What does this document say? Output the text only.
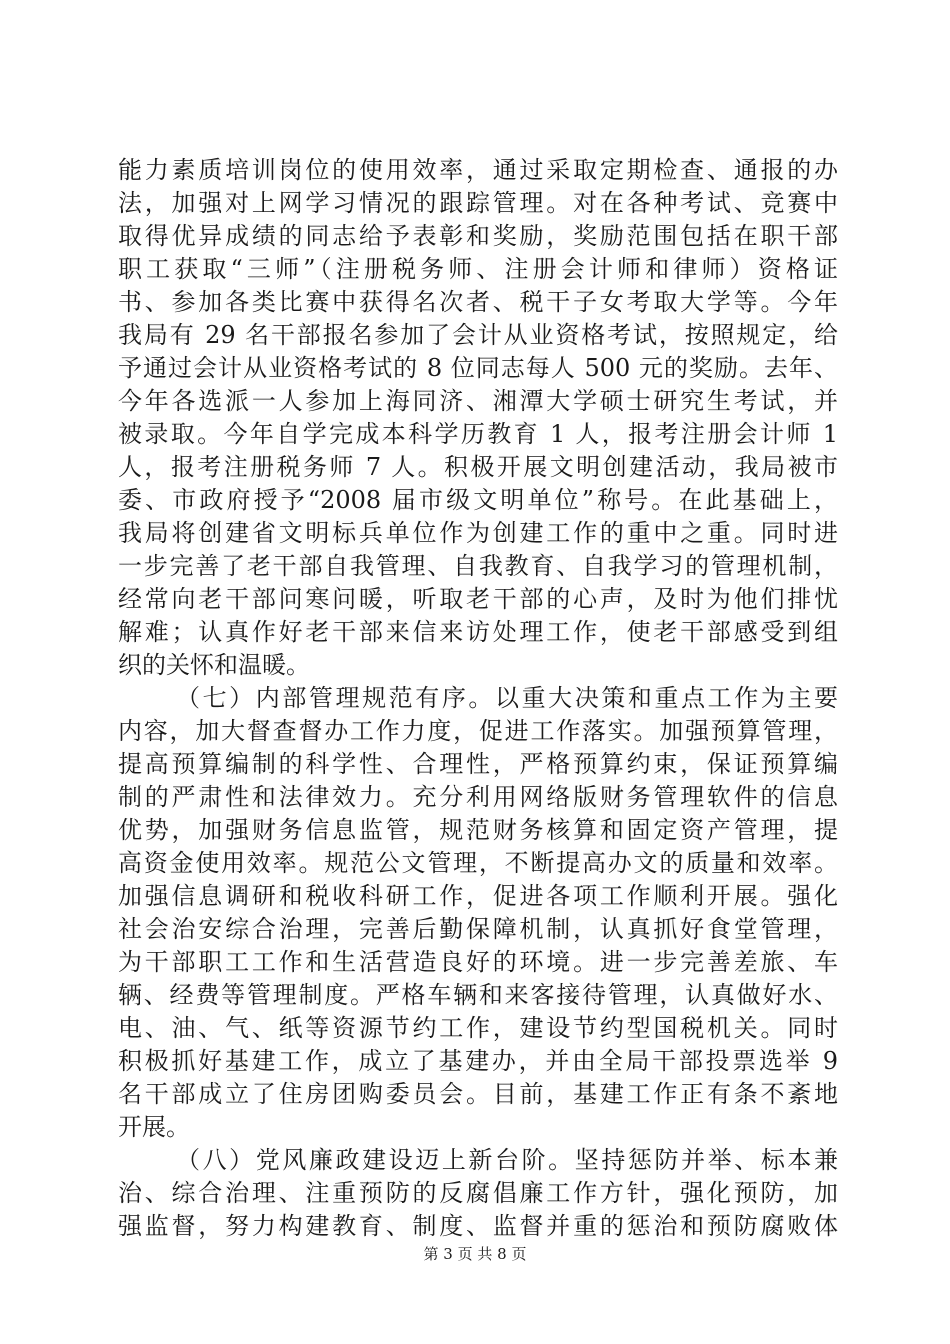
能力素质培训岗位的使用效率，通过采取定期检查、通报的办
法，加强对上网学习情况的跟踪管理。对在各种考试、竞赛中
取得优异成绩的同志给予表彰和奖励，奖励范围包括在职干部
职工获取“三师”（注册税务师、注册会计师和律师）资格证
书、参加各类比赛中获得名次者、税干子女考取大学等。今年
我局有 29 名干部报名参加了会计从业资格考试，按照规定，给
予通过会计从业资格考试的 8 位同志每人 500 元的奖励。去年、
今年各选派一人参加上海同济、湘潭大学硕士研究生考试，并
被录取。今年自学完成本科学历教育 1 人，报考注册会计师 1
人，报考注册税务师 7 人。积极开展文明创建活动，我局被市
委、市政府授予“2008 届市级文明单位”称号。在此基础上，
我局将创建省文明标兵单位作为创建工作的重中之重。同时进
一步完善了老干部自我管理、自我教育、自我学习的管理机制，
经常向老干部问寒问暖，听取老干部的心声，及时为他们排忧
解难；认真作好老干部来信来访处理工作，使老干部感受到组
织的关怀和温暖。
（七）内部管理规范有序。以重大决策和重点工作为主要
内容，加大督查督办工作力度，促进工作落实。加强预算管理，
提高预算编制的科学性、合理性，严格预算约束，保证预算编
制的严肃性和法律效力。充分利用网络版财务管理软件的信息
优势，加强财务信息监管，规范财务核算和固定资产管理，提
高资金使用效率。规范公文管理，不断提高办文的质量和效率。
加强信息调研和税收科研工作，促进各项工作顺利开展。强化
社会治安综合治理，完善后勤保障机制，认真抓好食堂管理，
为干部职工工作和生活营造良好的环境。进一步完善差旅、车
辆、经费等管理制度。严格车辆和来客接待管理，认真做好水、
电、油、气、纸等资源节约工作，建设节约型国税机关。同时
积极抓好基建工作，成立了基建办，并由全局干部投票选举 9
名干部成立了住房团购委员会。目前，基建工作正有条不紊地
开展。
（八）党风廉政建设迈上新台阶。坚持惩防并举、标本兼
治、综合治理、注重预防的反腐倡廉工作方针，强化预防，加
强监督，努力构建教育、制度、监督并重的惩治和预防腐败体
第 3 页 共 8 页
